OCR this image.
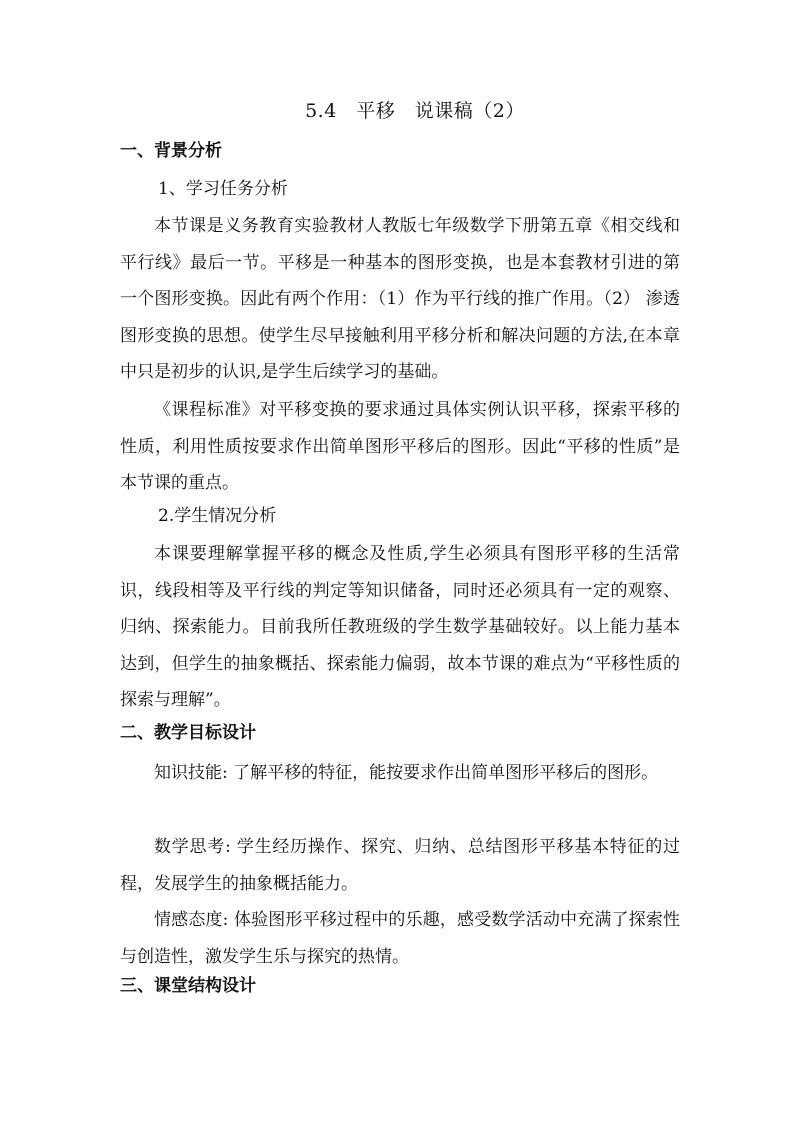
5.4　平移　说课稿（2）
一、背景分析
1、学习任务分析
本节课是义务教育实验教材人教版七年级数学下册第五章《相交线和平行线》最后一节。平移是一种基本的图形变换，也是本套教材引进的第一个图形变换。因此有两个作用：（1）作为平行线的推广作用。（2） 渗透图形变换的思想。使学生尽早接触利用平移分析和解决问题的方法,在本章中只是初步的认识,是学生后续学习的基础。
《课程标准》对平移变换的要求通过具体实例认识平移，探索平移的性质，利用性质按要求作出简单图形平移后的图形。因此“平移的性质”是本节课的重点。
2.学生情况分析
本课要理解掌握平移的概念及性质,学生必须具有图形平移的生活常识，线段相等及平行线的判定等知识储备，同时还必须具有一定的观察、归纳、探索能力。目前我所任教班级的学生数学基础较好。以上能力基本达到，但学生的抽象概括、探索能力偏弱，故本节课的难点为“平移性质的探索与理解”。
二、教学目标设计
知识技能: 了解平移的特征，能按要求作出简单图形平移后的图形。
数学思考: 学生经历操作、探究、归纳、总结图形平移基本特征的过程，发展学生的抽象概括能力。
情感态度: 体验图形平移过程中的乐趣，感受数学活动中充满了探索性与创造性，激发学生乐与探究的热情。
三、课堂结构设计
